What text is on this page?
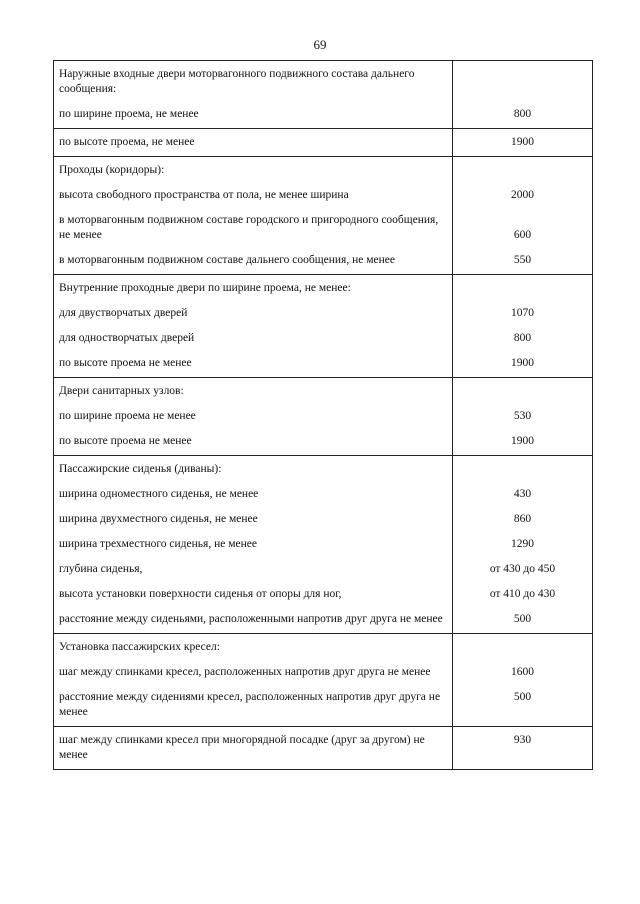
69
Наружные входные двери моторвагонного подвижного состава дальнего сообщения:	
по ширине проема, не менее	800
по высоте проема, не менее	1900
Проходы (коридоры):	
высота свободного пространства от пола, не менее ширина	2000
в моторвагонным подвижном составе городского и пригородного сообщения, не менее	600
в моторвагонным подвижном составе дальнего сообщения, не менее	550
Внутренние проходные двери по ширине проема, не менее:	
для двустворчатых дверей	1070
для одностворчатых дверей	800
по высоте проема не менее	1900
Двери санитарных узлов:	
по ширине проема не менее	530
по высоте проема не менее	1900
Пассажирские сиденья (диваны):	
ширина одноместного сиденья, не менее	430
ширина двухместного сиденья, не менее	860
ширина трехместного сиденья, не менее	1290
глубина сиденья,	от 430 до 450
высота установки поверхности сиденья от опоры для ног,	от 410 до 430
расстояние между сиденьями, расположенными напротив друг друга не менее	500
Установка пассажирских кресел:	
шаг между спинками кресел, расположенных напротив друг друга не менее	1600
расстояние между сидениями кресел, расположенных напротив друг друга не менее	500
шаг между спинками кресел при многорядной посадке (друг за другом) не менее	930
